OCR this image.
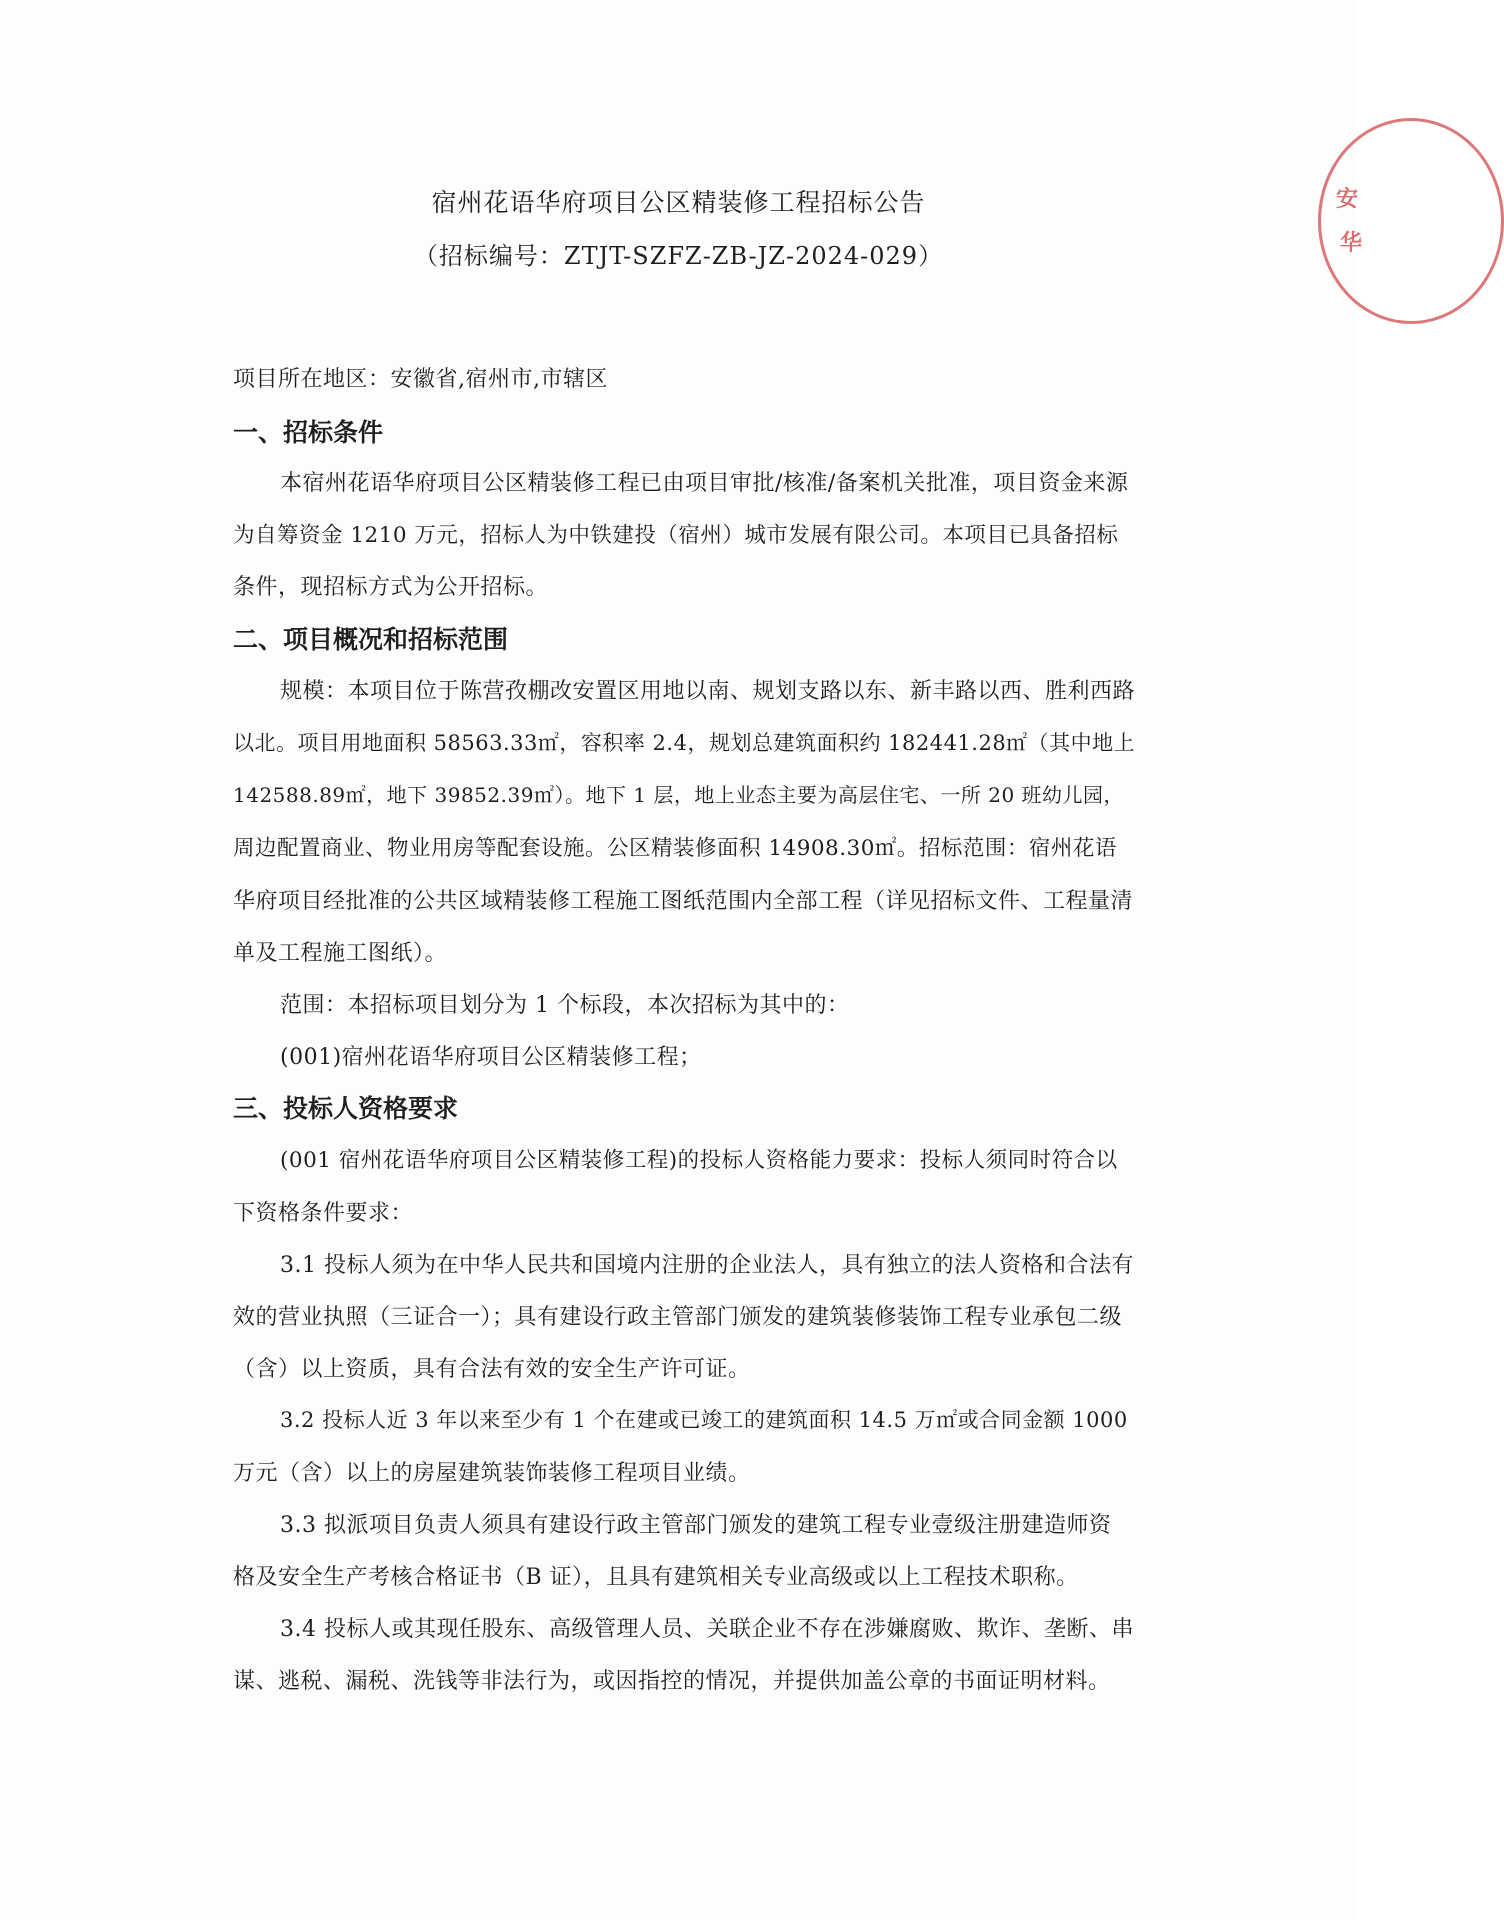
安
华
宿州花语华府项目公区精装修工程招标公告
（招标编号：ZTJT-SZFZ-ZB-JZ-2024-029）
项目所在地区：安徽省,宿州市,市辖区
一、招标条件
本宿州花语华府项目公区精装修工程已由项目审批/核准/备案机关批准，项目资金来源
为自筹资金 1210 万元，招标人为中铁建投（宿州）城市发展有限公司。本项目已具备招标
条件，现招标方式为公开招标。
二、项目概况和招标范围
规模：本项目位于陈营孜棚改安置区用地以南、规划支路以东、新丰路以西、胜利西路
以北。项目用地面积 58563.33㎡，容积率 2.4，规划总建筑面积约 182441.28㎡（其中地上
142588.89㎡，地下 39852.39㎡）。地下 1 层，地上业态主要为高层住宅、一所 20 班幼儿园，
周边配置商业、物业用房等配套设施。公区精装修面积 14908.30㎡。招标范围：宿州花语
华府项目经批准的公共区域精装修工程施工图纸范围内全部工程（详见招标文件、工程量清
单及工程施工图纸）。
范围：本招标项目划分为 1 个标段，本次招标为其中的：
(001)宿州花语华府项目公区精装修工程；
三、投标人资格要求
(001 宿州花语华府项目公区精装修工程)的投标人资格能力要求：投标人须同时符合以
下资格条件要求：
3.1 投标人须为在中华人民共和国境内注册的企业法人，具有独立的法人资格和合法有
效的营业执照（三证合一）；具有建设行政主管部门颁发的建筑装修装饰工程专业承包二级
（含）以上资质，具有合法有效的安全生产许可证。
3.2 投标人近 3 年以来至少有 1 个在建或已竣工的建筑面积 14.5 万㎡或合同金额 1000
万元（含）以上的房屋建筑装饰装修工程项目业绩。
3.3 拟派项目负责人须具有建设行政主管部门颁发的建筑工程专业壹级注册建造师资
格及安全生产考核合格证书（B 证），且具有建筑相关专业高级或以上工程技术职称。
3.4 投标人或其现任股东、高级管理人员、关联企业不存在涉嫌腐败、欺诈、垄断、串
谋、逃税、漏税、洗钱等非法行为，或因指控的情况，并提供加盖公章的书面证明材料。
